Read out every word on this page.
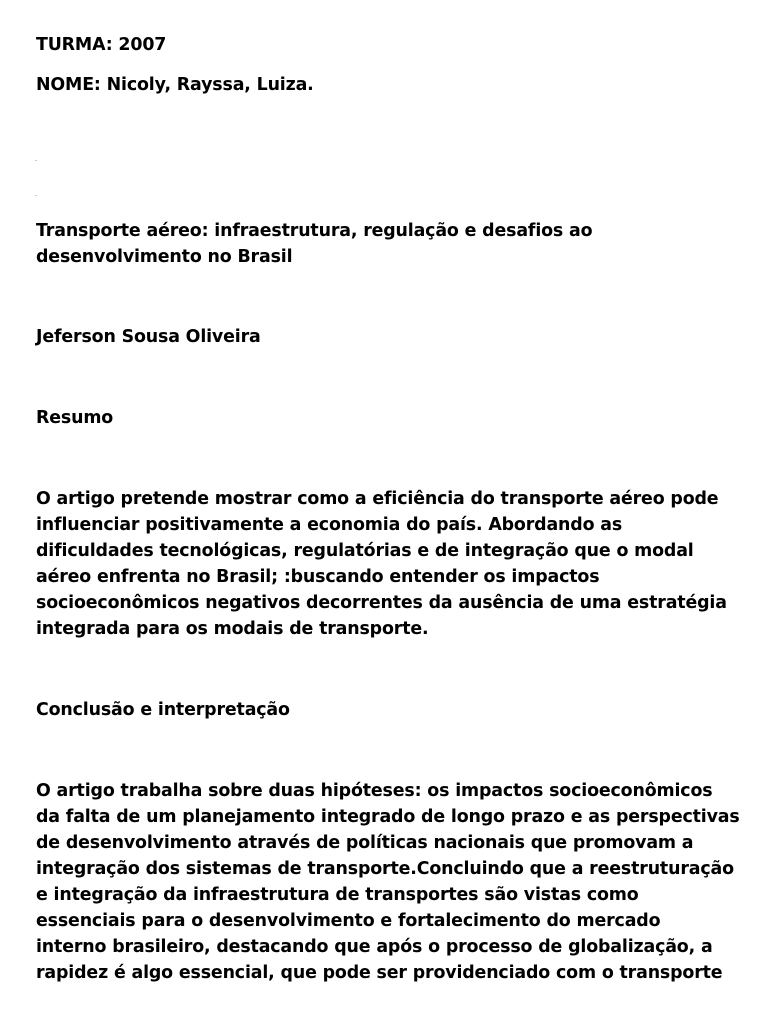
TURMA: 2007

NOME: Nicoly, Rayssa, Luiza.

Transporte aéreo: infraestrutura, regulação e desafios ao
desenvolvimento no Brasil

Jeferson Sousa Oliveira

Resumo

O artigo pretende mostrar como a eficiência do transporte aéreo pode
influenciar positivamente a economia do país. Abordando as
dificuldades tecnológicas, regulatórias e de integração que o modal
aéreo enfrenta no Brasil; :buscando entender os impactos
socioeconômicos negativos decorrentes da ausência de uma estratégia
integrada para os modais de transporte.

Conclusão e interpretação

O artigo trabalha sobre duas hipóteses: os impactos socioeconômicos
da falta de um planejamento integrado de longo prazo e as perspectivas
de desenvolvimento através de políticas nacionais que promovam a
integração dos sistemas de transporte.Concluindo que a reestruturação
e integração da infraestrutura de transportes são vistas como
essenciais para o desenvolvimento e fortalecimento do mercado
interno brasileiro, destacando que após o processo de globalização, a
rapidez é algo essencial, que pode ser providenciado com o transporte
